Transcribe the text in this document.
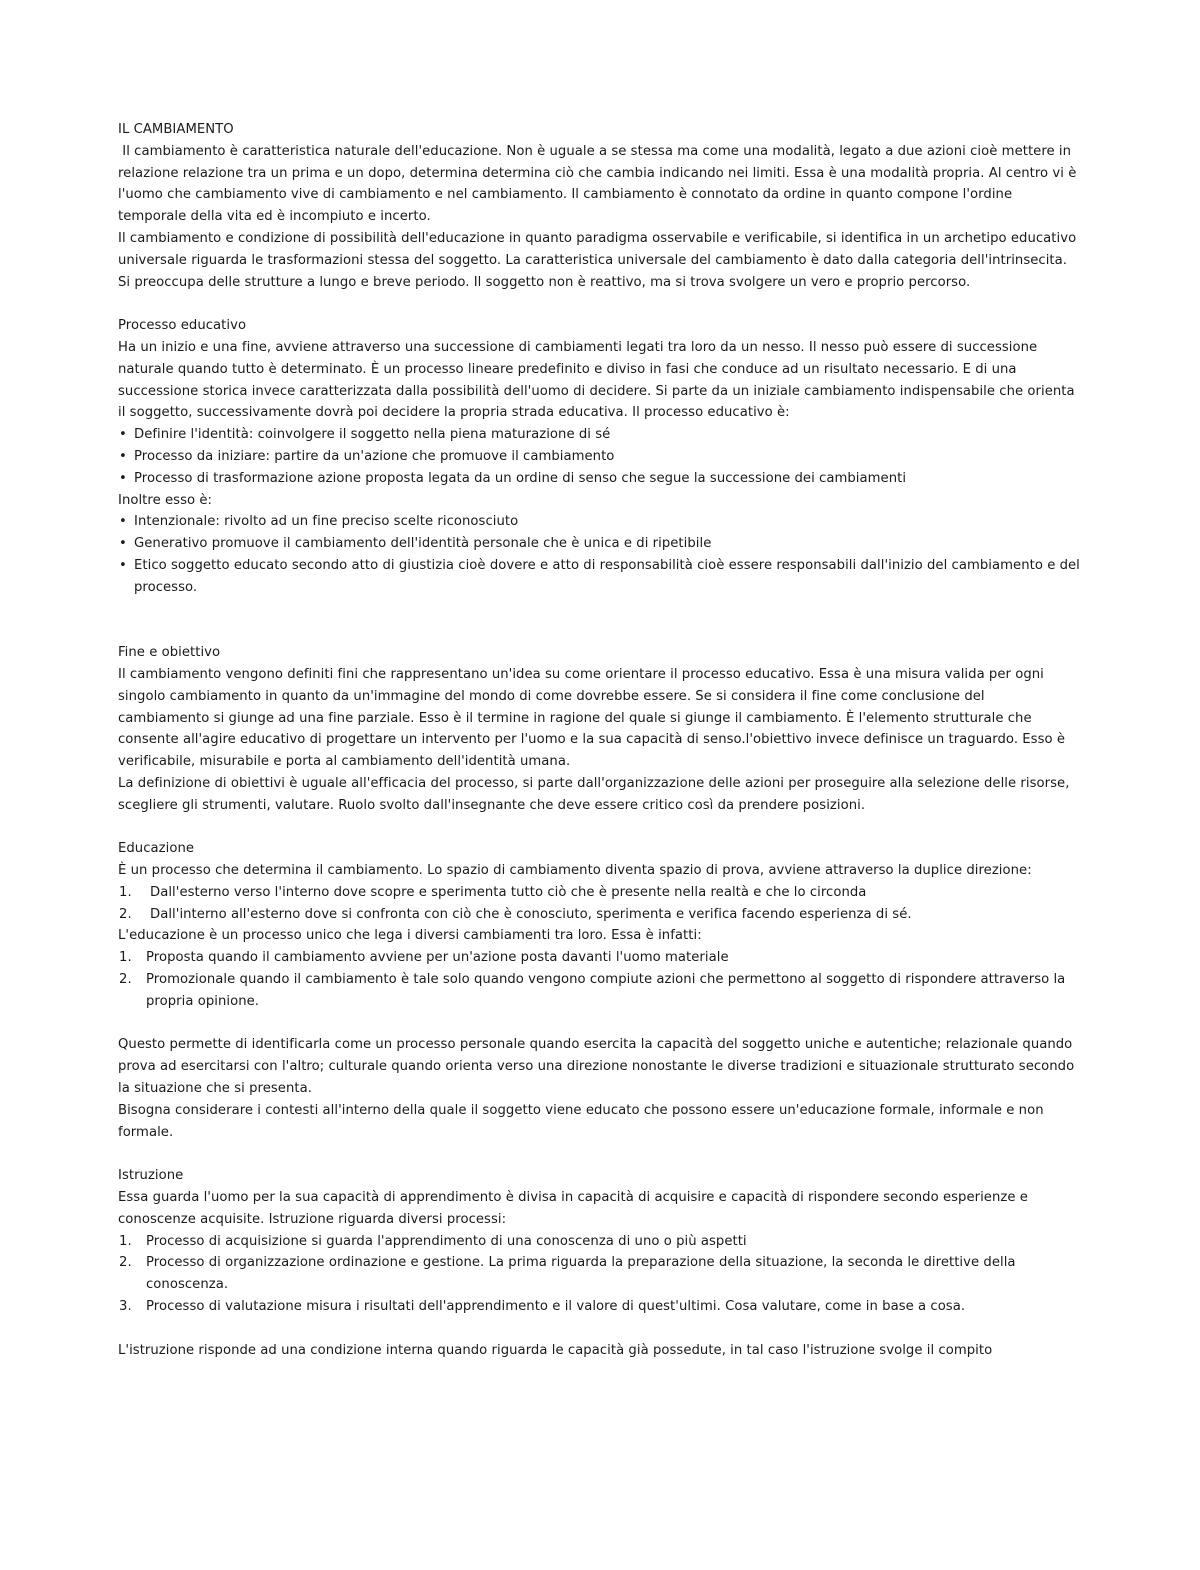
IL CAMBIAMENTO

Il cambiamento è caratteristica naturale dell'educazione. Non è uguale a se stessa ma come una modalità, legato a due azioni cioè mettere in relazione relazione tra un prima e un dopo, determina determina ciò che cambia indicando nei limiti. Essa è una modalità propria. Al centro vi è l'uomo che cambiamento vive di cambiamento e nel cambiamento. Il cambiamento è connotato da ordine in quanto compone l'ordine temporale della vita ed è incompiuto e incerto.

Il cambiamento e condizione di possibilità dell'educazione in quanto paradigma osservabile e verificabile, si identifica in un archetipo educativo universale riguarda le trasformazioni stessa del soggetto. La caratteristica universale del cambiamento è dato dalla categoria dell'intrinsecita. Si preoccupa delle strutture a lungo e breve periodo. Il soggetto non è reattivo, ma si trova svolgere un vero e proprio percorso.

Processo educativo

Ha un inizio e una fine, avviene attraverso una successione di cambiamenti legati tra loro da un nesso. Il nesso può essere di successione naturale quando tutto è determinato. È un processo lineare predefinito e diviso in fasi che conduce ad un risultato necessario. E di una successione storica invece caratterizzata dalla possibilità dell'uomo di decidere. Si parte da un iniziale cambiamento indispensabile che orienta il soggetto, successivamente dovrà poi decidere la propria strada educativa. Il processo educativo è:

• Definire l'identità: coinvolgere il soggetto nella piena maturazione di sé
• Processo da iniziare: partire da un'azione che promuove il cambiamento
• Processo di trasformazione azione proposta legata da un ordine di senso che segue la successione dei cambiamenti

Inoltre esso è:

• Intenzionale: rivolto ad un fine preciso scelte riconosciuto
• Generativo promuove il cambiamento dell'identità personale che è unica e di ripetibile
• Etico soggetto educato secondo atto di giustizia cioè dovere e atto di responsabilità cioè essere responsabili dall'inizio del cambiamento e del processo.

Fine e obiettivo

Il cambiamento vengono definiti fini che rappresentano un'idea su come orientare il processo educativo. Essa è una misura valida per ogni singolo cambiamento in quanto da un'immagine del mondo di come dovrebbe essere. Se si considera il fine come conclusione del cambiamento si giunge ad una fine parziale. Esso è il termine in ragione del quale si giunge il cambiamento. È l'elemento strutturale che consente all'agire educativo di progettare un intervento per l'uomo e la sua capacità di senso.l'obiettivo invece definisce un traguardo. Esso è verificabile, misurabile e porta al cambiamento dell'identità umana.

La definizione di obiettivi è uguale all'efficacia del processo, si parte dall'organizzazione delle azioni per proseguire alla selezione delle risorse, scegliere gli strumenti, valutare. Ruolo svolto dall'insegnante che deve essere critico così da prendere posizioni.

Educazione

È un processo che determina il cambiamento. Lo spazio di cambiamento diventa spazio di prova, avviene attraverso la duplice direzione:

1. Dall'esterno verso l'interno dove scopre e sperimenta tutto ciò che è presente nella realtà e che lo circonda
2. Dall'interno all'esterno dove si confronta con ciò che è conosciuto, sperimenta e verifica facendo esperienza di sé.

L'educazione è un processo unico che lega i diversi cambiamenti tra loro. Essa è infatti:

1. Proposta quando il cambiamento avviene per un'azione posta davanti l'uomo materiale
2. Promozionale quando il cambiamento è tale solo quando vengono compiute azioni che permettono al soggetto di rispondere attraverso la propria opinione.

Questo permette di identificarla come un processo personale quando esercita la capacità del soggetto uniche e autentiche; relazionale quando prova ad esercitarsi con l'altro; culturale quando orienta verso una direzione nonostante le diverse tradizioni e situazionale strutturato secondo la situazione che si presenta.

Bisogna considerare i contesti all'interno della quale il soggetto viene educato che possono essere un'educazione formale, informale e non formale.

Istruzione

Essa guarda l'uomo per la sua capacità di apprendimento è divisa in capacità di acquisire e capacità di rispondere secondo esperienze e conoscenze acquisite. Istruzione riguarda diversi processi:

1. Processo di acquisizione si guarda l'apprendimento di una conoscenza di uno o più aspetti
2. Processo di organizzazione ordinazione e gestione. La prima riguarda la preparazione della situazione, la seconda le direttive della conoscenza.
3. Processo di valutazione misura i risultati dell'apprendimento e il valore di quest'ultimi. Cosa valutare, come in base a cosa.

L'istruzione risponde ad una condizione interna quando riguarda le capacità già possedute, in tal caso l'istruzione svolge il compito
